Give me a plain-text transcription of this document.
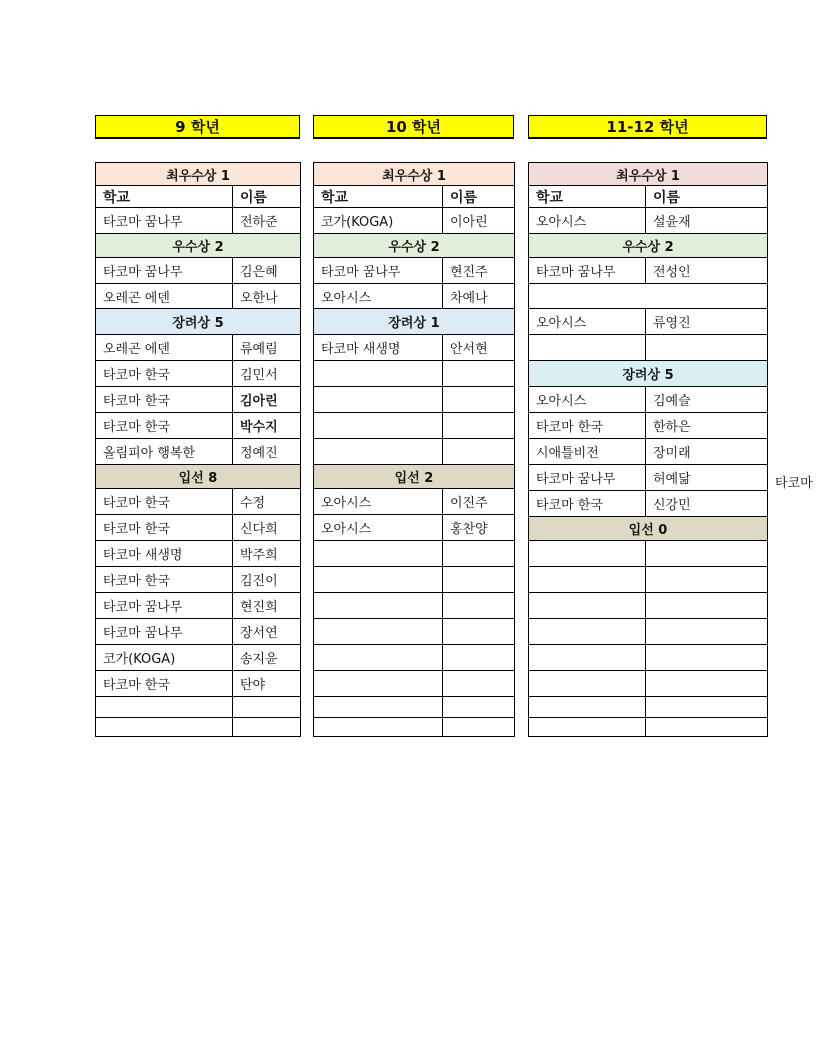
9 학년	10 학년	11-12 학년
최우수상 1	
학교	이름
타코마 꿈나무	전하준
우수상 2	
타코마 꿈나무	김은혜
오레곤 에덴	오한나
장려상 5	
오레곤 에덴	류예림
타코마 한국	김민서
타코마 한국	김아린
타코마 한국	박수지
올림피아 행복한	정예진
입선 8	
타코마 한국	수정
타코마 한국	신다희
타코마 새생명	박주희
타코마 한국	김진이
타코마 꿈나무	현진희
타코마 꿈나무	장서연
코가(KOGA)	송지윤
타코마 한국	탄야

최우수상 1	
학교	이름
코가(KOGA)	이아린
우수상 2	
타코마 꿈나무	현진주
오아시스	차예나
장려상 1	
타코마 새생명	안서현

입선 2	
오아시스	이진주
오아시스	홍찬양

최우수상 1	
학교	이름
오아시스	설윤재
우수상 2	
타코마 꿈나무	전성인

오아시스	류영진

장려상 5	
오아시스	김예슬
타코마 한국	한하은
시애틀비전	장미래
타코마 꿈나무	허예닮
타코마 한국	신강민
입선 0	

타코마
